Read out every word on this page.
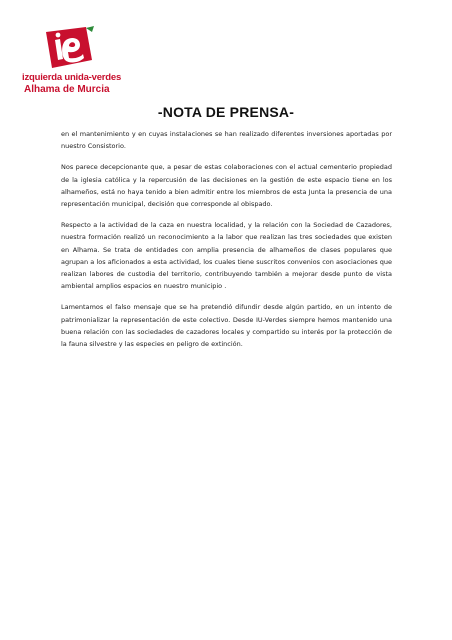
izquierda unida-verdes
Alhama de Murcia
-NOTA DE PRENSA-

en el mantenimiento y en cuyas instalaciones se han realizado diferentes inversiones aportadas por nuestro Consistorio.

Nos parece decepcionante que, a pesar de estas colaboraciones con el actual cementerio propiedad de la iglesia católica y la repercusión de las decisiones en la gestión de este espacio tiene en los alhameños, está no haya tenido a bien admitir entre los miembros de esta Junta la presencia de una representación municipal, decisión que corresponde al obispado.

Respecto a la actividad de la caza en nuestra localidad, y la relación con la Sociedad de Cazadores, nuestra formación realizó un reconocimiento a la labor que realizan las tres sociedades que existen en Alhama. Se trata de entidades con amplia presencia de alhameños de clases populares que agrupan a los aficionados a esta actividad, los cuales tiene suscritos convenios con asociaciones que realizan labores de custodia del territorio, contribuyendo también a mejorar desde punto de vista ambiental amplios espacios en nuestro municipio .

Lamentamos el falso mensaje que se ha pretendió difundir desde algún partido, en un intento de patrimonializar la representación de este colectivo. Desde IU-Verdes siempre hemos mantenido una buena relación con las sociedades de cazadores locales y compartido su interés por la protección de la fauna silvestre y las especies en peligro de extinción.
